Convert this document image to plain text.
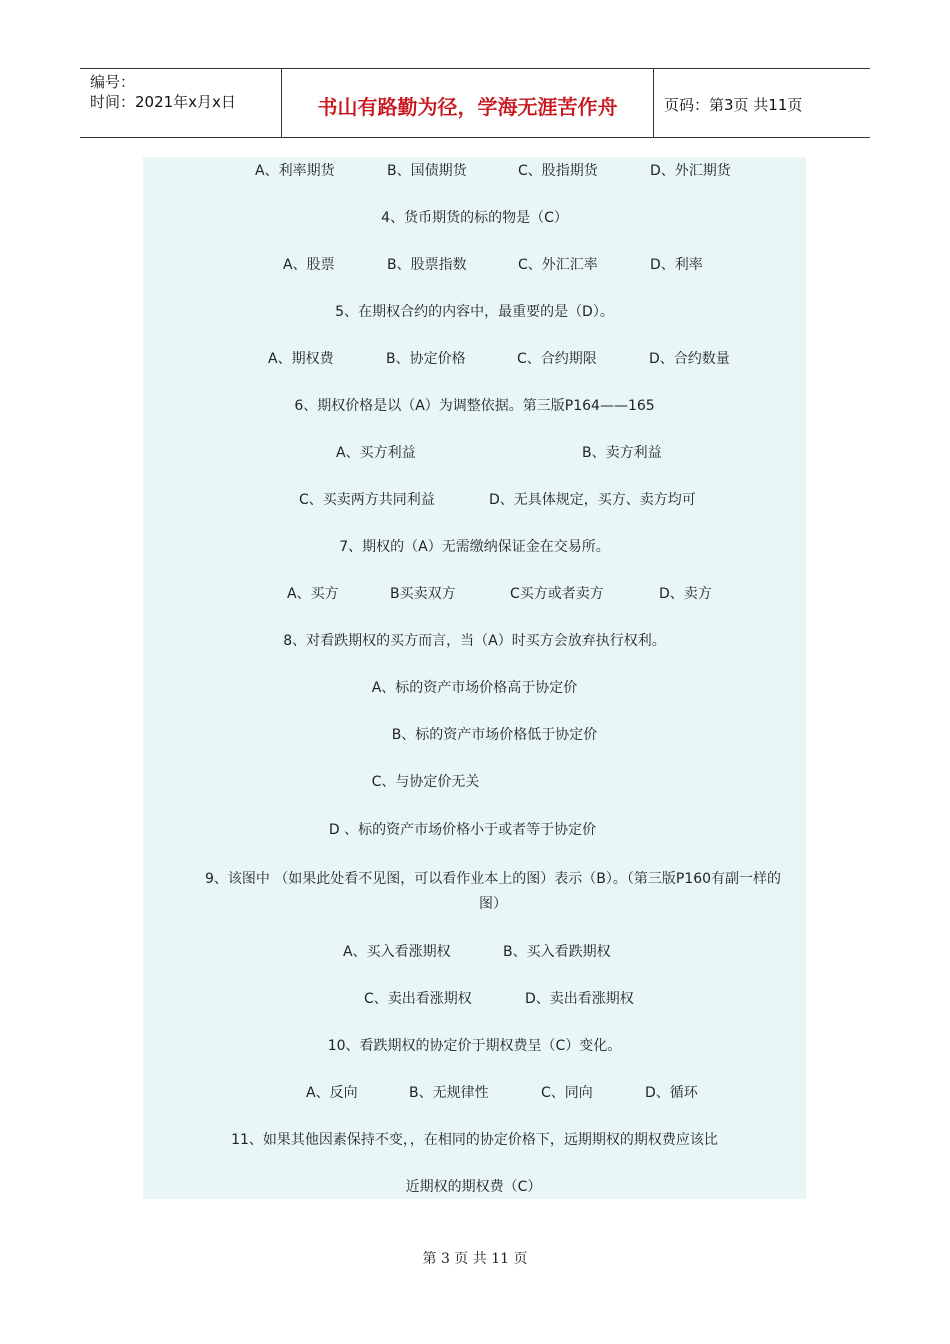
编号：
时间：2021年x月x日	书山有路勤为径，学海无涯苦作舟	页码：第3页 共11页
A、利率期货	B、国债期货	C、股指期货	D、外汇期货
4、货币期货的标的物是（C）
A、股票	B、股票指数	C、外汇汇率	D、利率
5、在期权合约的内容中，最重要的是（D）。
A、期权费	B、协定价格	C、合约期限	D、合约数量
6、期权价格是以（A）为调整依据。第三版P164——165
A、买方利益	B、卖方利益
C、买卖两方共同利益	D、无具体规定，买方、卖方均可
7、期权的（A）无需缴纳保证金在交易所。
A、买方	B买卖双方	C买方或者卖方	D、卖方
8、对看跌期权的买方而言，当（A）时买方会放弃执行权利。
A、标的资产市场价格高于协定价
B、标的资产市场价格低于协定价
C、与协定价无关
D 、标的资产市场价格小于或者等于协定价
9、该图中 （如果此处看不见图，可以看作业本上的图）表示（B）。（第三版P160有副一样的
图）
A、买入看涨期权	B、买入看跌期权
C、卖出看涨期权	D、卖出看涨期权
10、看跌期权的协定价于期权费呈（C）变化。
A、反向	B、无规律性	C、同向	D、循环
11、如果其他因素保持不变，，在相同的协定价格下，远期期权的期权费应该比
近期权的期权费（C）
第 3 页 共 11 页
